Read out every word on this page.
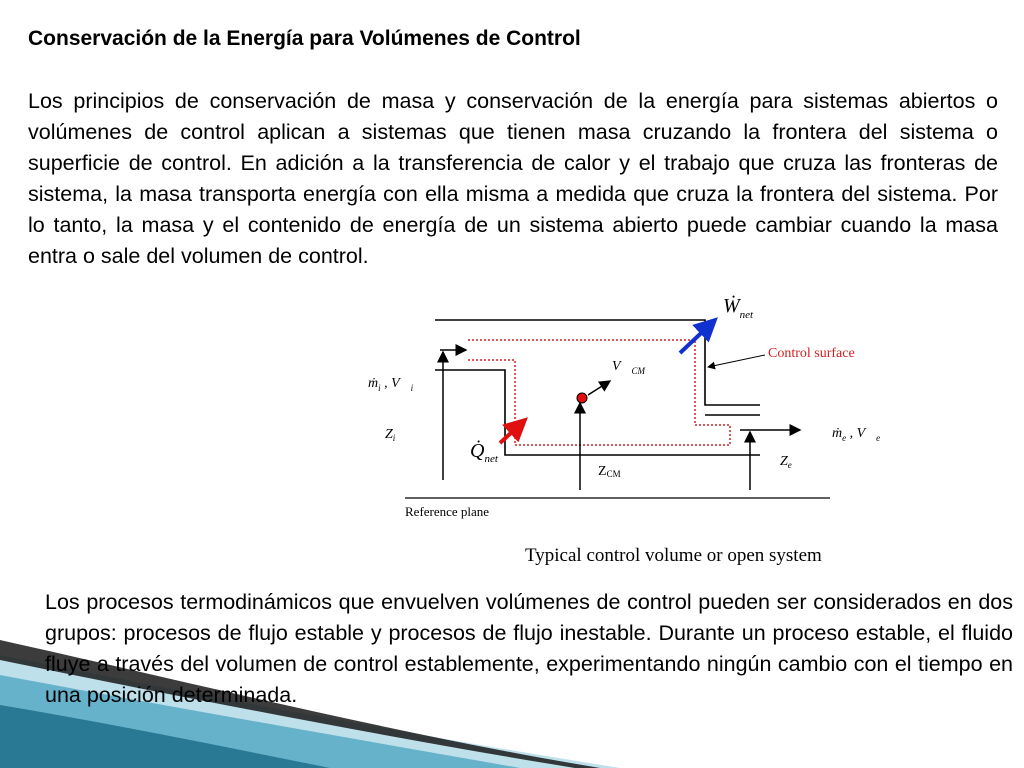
Conservación de la Energía para Volúmenes de Control
Los principios de conservación de masa y conservación de la energía para sistemas abiertos o volúmenes de control aplican a sistemas que tienen masa cruzando la frontera del sistema o superficie de control. En adición a la transferencia de calor y el trabajo que cruza las fronteras de sistema, la masa transporta energía con ella misma a medida que cruza la frontera del sistema. Por lo tanto, la masa y el contenido de energía de un sistema abierto puede cambiar cuando la masa entra o sale del volumen de control.
Ẇ$_{net}$
Control surface
$V⃗_{CM}$
ṁ$_i$ , $V⃗_i$
ṁ$_e$ , $V⃗_e$
$Z_i$
$Q̇_{net}$
ZCM
$Z_e$
Reference plane
Typical control volume or open system
Los procesos termodinámicos que envuelven volúmenes de control pueden ser considerados en dos grupos: procesos de flujo estable y procesos de flujo inestable. Durante un proceso estable, el fluido fluye a través del volumen de control establemente, experimentando ningún cambio con el tiempo en una posición determinada.
